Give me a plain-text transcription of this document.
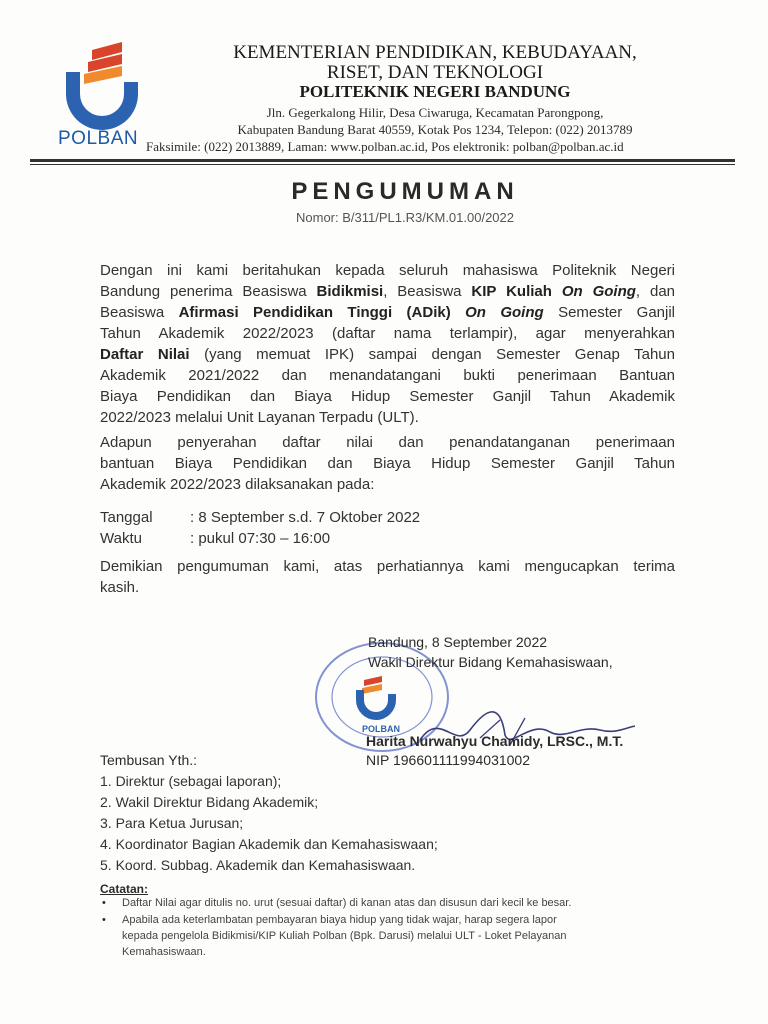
POLBAN
KEMENTERIAN PENDIDIKAN, KEBUDAYAAN,
RISET, DAN TEKNOLOGI
POLITEKNIK NEGERI BANDUNG
Jln. Gegerkalong Hilir, Desa Ciwaruga, Kecamatan Parongpong,
Kabupaten Bandung Barat 40559, Kotak Pos 1234, Telepon: (022) 2013789
Faksimile: (022) 2013889, Laman: www.polban.ac.id, Pos elektronik: polban@polban.ac.id
PENGUMUMAN
Nomor: B/311/PL1.R3/KM.01.00/2022
Dengan ini kami beritahukan kepada seluruh mahasiswa Politeknik Negeri
Bandung penerima Beasiswa Bidikmisi, Beasiswa KIP Kuliah On Going, dan
Beasiswa Afirmasi Pendidikan Tinggi (ADik) On Going Semester Ganjil
Tahun Akademik 2022/2023 (daftar nama terlampir), agar menyerahkan
Daftar Nilai (yang memuat IPK) sampai dengan Semester Genap Tahun
Akademik 2021/2022 dan menandatangani bukti penerimaan Bantuan
Biaya Pendidikan dan Biaya Hidup Semester Ganjil Tahun Akademik
2022/2023 melalui Unit Layanan Terpadu (ULT).
Adapun penyerahan daftar nilai dan penandatanganan penerimaan
bantuan Biaya Pendidikan dan Biaya Hidup Semester Ganjil Tahun
Akademik 2022/2023 dilaksanakan pada:
Tanggal : 8 September s.d. 7 Oktober 2022
Waktu	: pukul 07:30 – 16:00
Demikian pengumuman kami, atas perhatiannya kami mengucapkan terima
kasih.
POLBAN
Bandung, 8 September 2022
Wakil Direktur Bidang Kemahasiswaan,
Harita Nurwahyu Chamidy, LRSC., M.T.
NIP 196601111994031002
Tembusan Yth.:
1. Direktur (sebagai laporan);
2. Wakil Direktur Bidang Akademik;
3. Para Ketua Jurusan;
4. Koordinator Bagian Akademik dan Kemahasiswaan;
5. Koord. Subbag. Akademik dan Kemahasiswaan.
Catatan:
• Daftar Nilai agar ditulis no. urut (sesuai daftar) di kanan atas dan disusun dari kecil ke besar.
• Apabila ada keterlambatan pembayaran biaya hidup yang tidak wajar, harap segera lapor
kepada pengelola Bidikmisi/KIP Kuliah Polban (Bpk. Darusi) melalui ULT - Loket Pelayanan
Kemahasiswaan.
